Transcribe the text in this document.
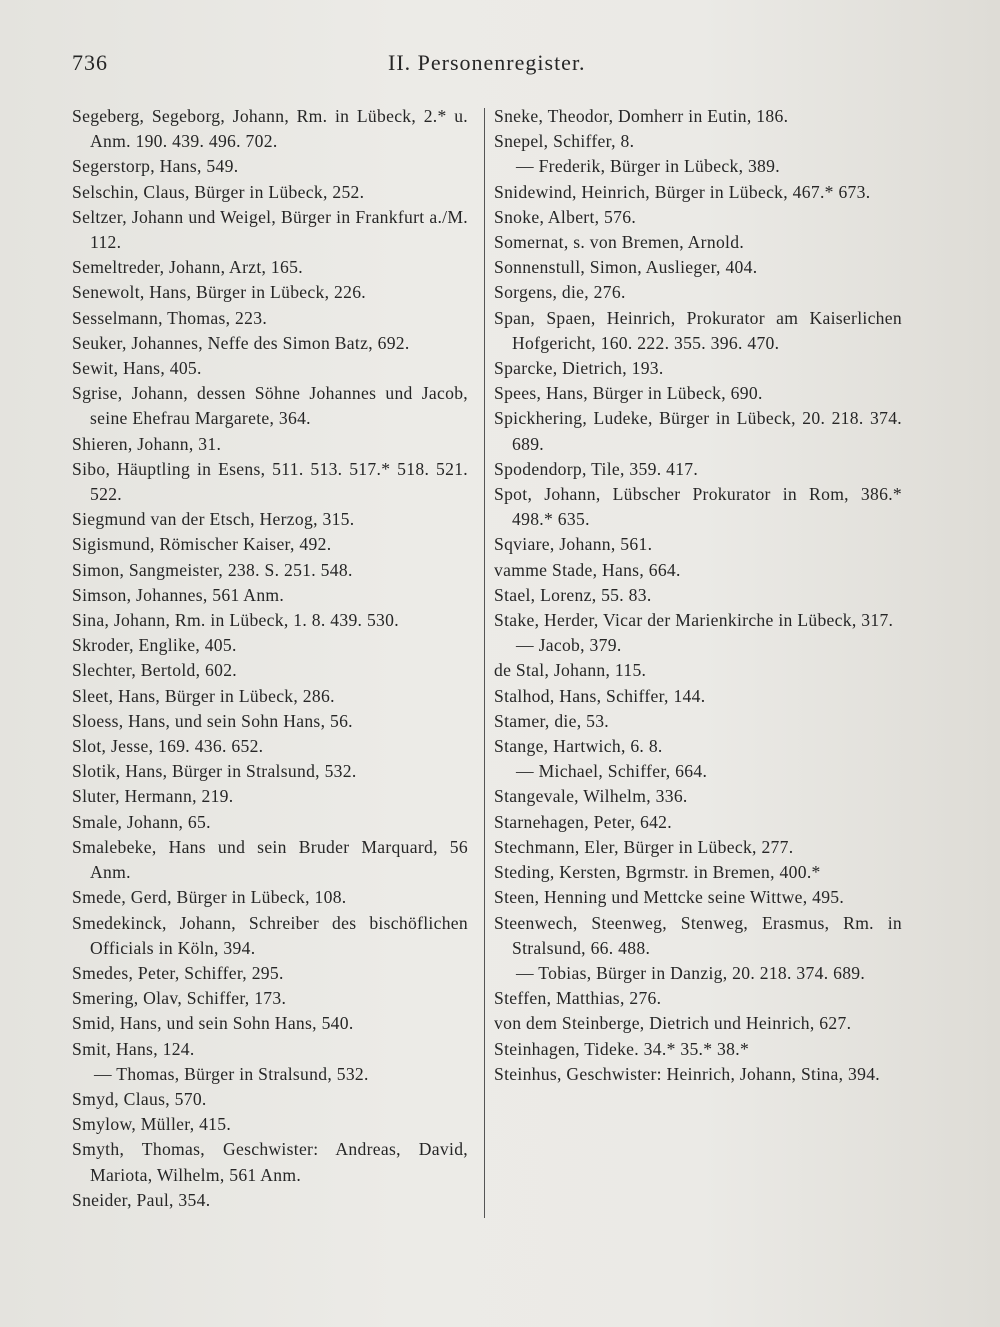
736	II. Personenregister.
Segeberg, Segeborg, Johann, Rm. in Lübeck, 2.* u. Anm. 190. 439. 496. 702.
Segerstorp, Hans, 549.
Selschin, Claus, Bürger in Lübeck, 252.
Seltzer, Johann und Weigel, Bürger in Frankfurt a./M. 112.
Semeltreder, Johann, Arzt, 165.
Senewolt, Hans, Bürger in Lübeck, 226.
Sesselmann, Thomas, 223.
Seuker, Johannes, Neffe des Simon Batz, 692.
Sewit, Hans, 405.
Sgrise, Johann, dessen Söhne Johannes und Jacob, seine Ehefrau Margarete, 364.
Shieren, Johann, 31.
Sibo, Häuptling in Esens, 511. 513. 517.* 518. 521. 522.
Siegmund van der Etsch, Herzog, 315.
Sigismund, Römischer Kaiser, 492.
Simon, Sangmeister, 238. S. 251. 548.
Simson, Johannes, 561 Anm.
Sina, Johann, Rm. in Lübeck, 1. 8. 439. 530.
Skroder, Englike, 405.
Slechter, Bertold, 602.
Sleet, Hans, Bürger in Lübeck, 286.
Sloess, Hans, und sein Sohn Hans, 56.
Slot, Jesse, 169. 436. 652.
Slotik, Hans, Bürger in Stralsund, 532.
Sluter, Hermann, 219.
Smale, Johann, 65.
Smalebeke, Hans und sein Bruder Marquard, 56 Anm.
Smede, Gerd, Bürger in Lübeck, 108.
Smedekinck, Johann, Schreiber des bischöflichen Officials in Köln, 394.
Smedes, Peter, Schiffer, 295.
Smering, Olav, Schiffer, 173.
Smid, Hans, und sein Sohn Hans, 540.
Smit, Hans, 124.
— Thomas, Bürger in Stralsund, 532.
Smyd, Claus, 570.
Smylow, Müller, 415.
Smyth, Thomas, Geschwister: Andreas, David, Mariota, Wilhelm, 561 Anm.
Sneider, Paul, 354.
Sneke, Theodor, Domherr in Eutin, 186.
Snepel, Schiffer, 8.
— Frederik, Bürger in Lübeck, 389.
Snidewind, Heinrich, Bürger in Lübeck, 467.* 673.
Snoke, Albert, 576.
Somernat, s. von Bremen, Arnold.
Sonnenstull, Simon, Auslieger, 404.
Sorgens, die, 276.
Span, Spaen, Heinrich, Prokurator am Kaiserlichen Hofgericht, 160. 222. 355. 396. 470.
Sparcke, Dietrich, 193.
Spees, Hans, Bürger in Lübeck, 690.
Spickhering, Ludeke, Bürger in Lübeck, 20. 218. 374. 689.
Spodendorp, Tile, 359. 417.
Spot, Johann, Lübscher Prokurator in Rom, 386.* 498.* 635.
Sqviare, Johann, 561.
vamme Stade, Hans, 664.
Stael, Lorenz, 55. 83.
Stake, Herder, Vicar der Marienkirche in Lübeck, 317.
— Jacob, 379.
de Stal, Johann, 115.
Stalhod, Hans, Schiffer, 144.
Stamer, die, 53.
Stange, Hartwich, 6. 8.
— Michael, Schiffer, 664.
Stangevale, Wilhelm, 336.
Starnehagen, Peter, 642.
Stechmann, Eler, Bürger in Lübeck, 277.
Steding, Kersten, Bgrmstr. in Bremen, 400.*
Steen, Henning und Mettcke seine Wittwe, 495.
Steenwech, Steenweg, Stenweg, Erasmus, Rm. in Stralsund, 66. 488.
— Tobias, Bürger in Danzig, 20. 218. 374. 689.
Steffen, Matthias, 276.
von dem Steinberge, Dietrich und Heinrich, 627.
Steinhagen, Tideke. 34.* 35.* 38.*
Steinhus, Geschwister: Heinrich, Johann, Stina, 394.
